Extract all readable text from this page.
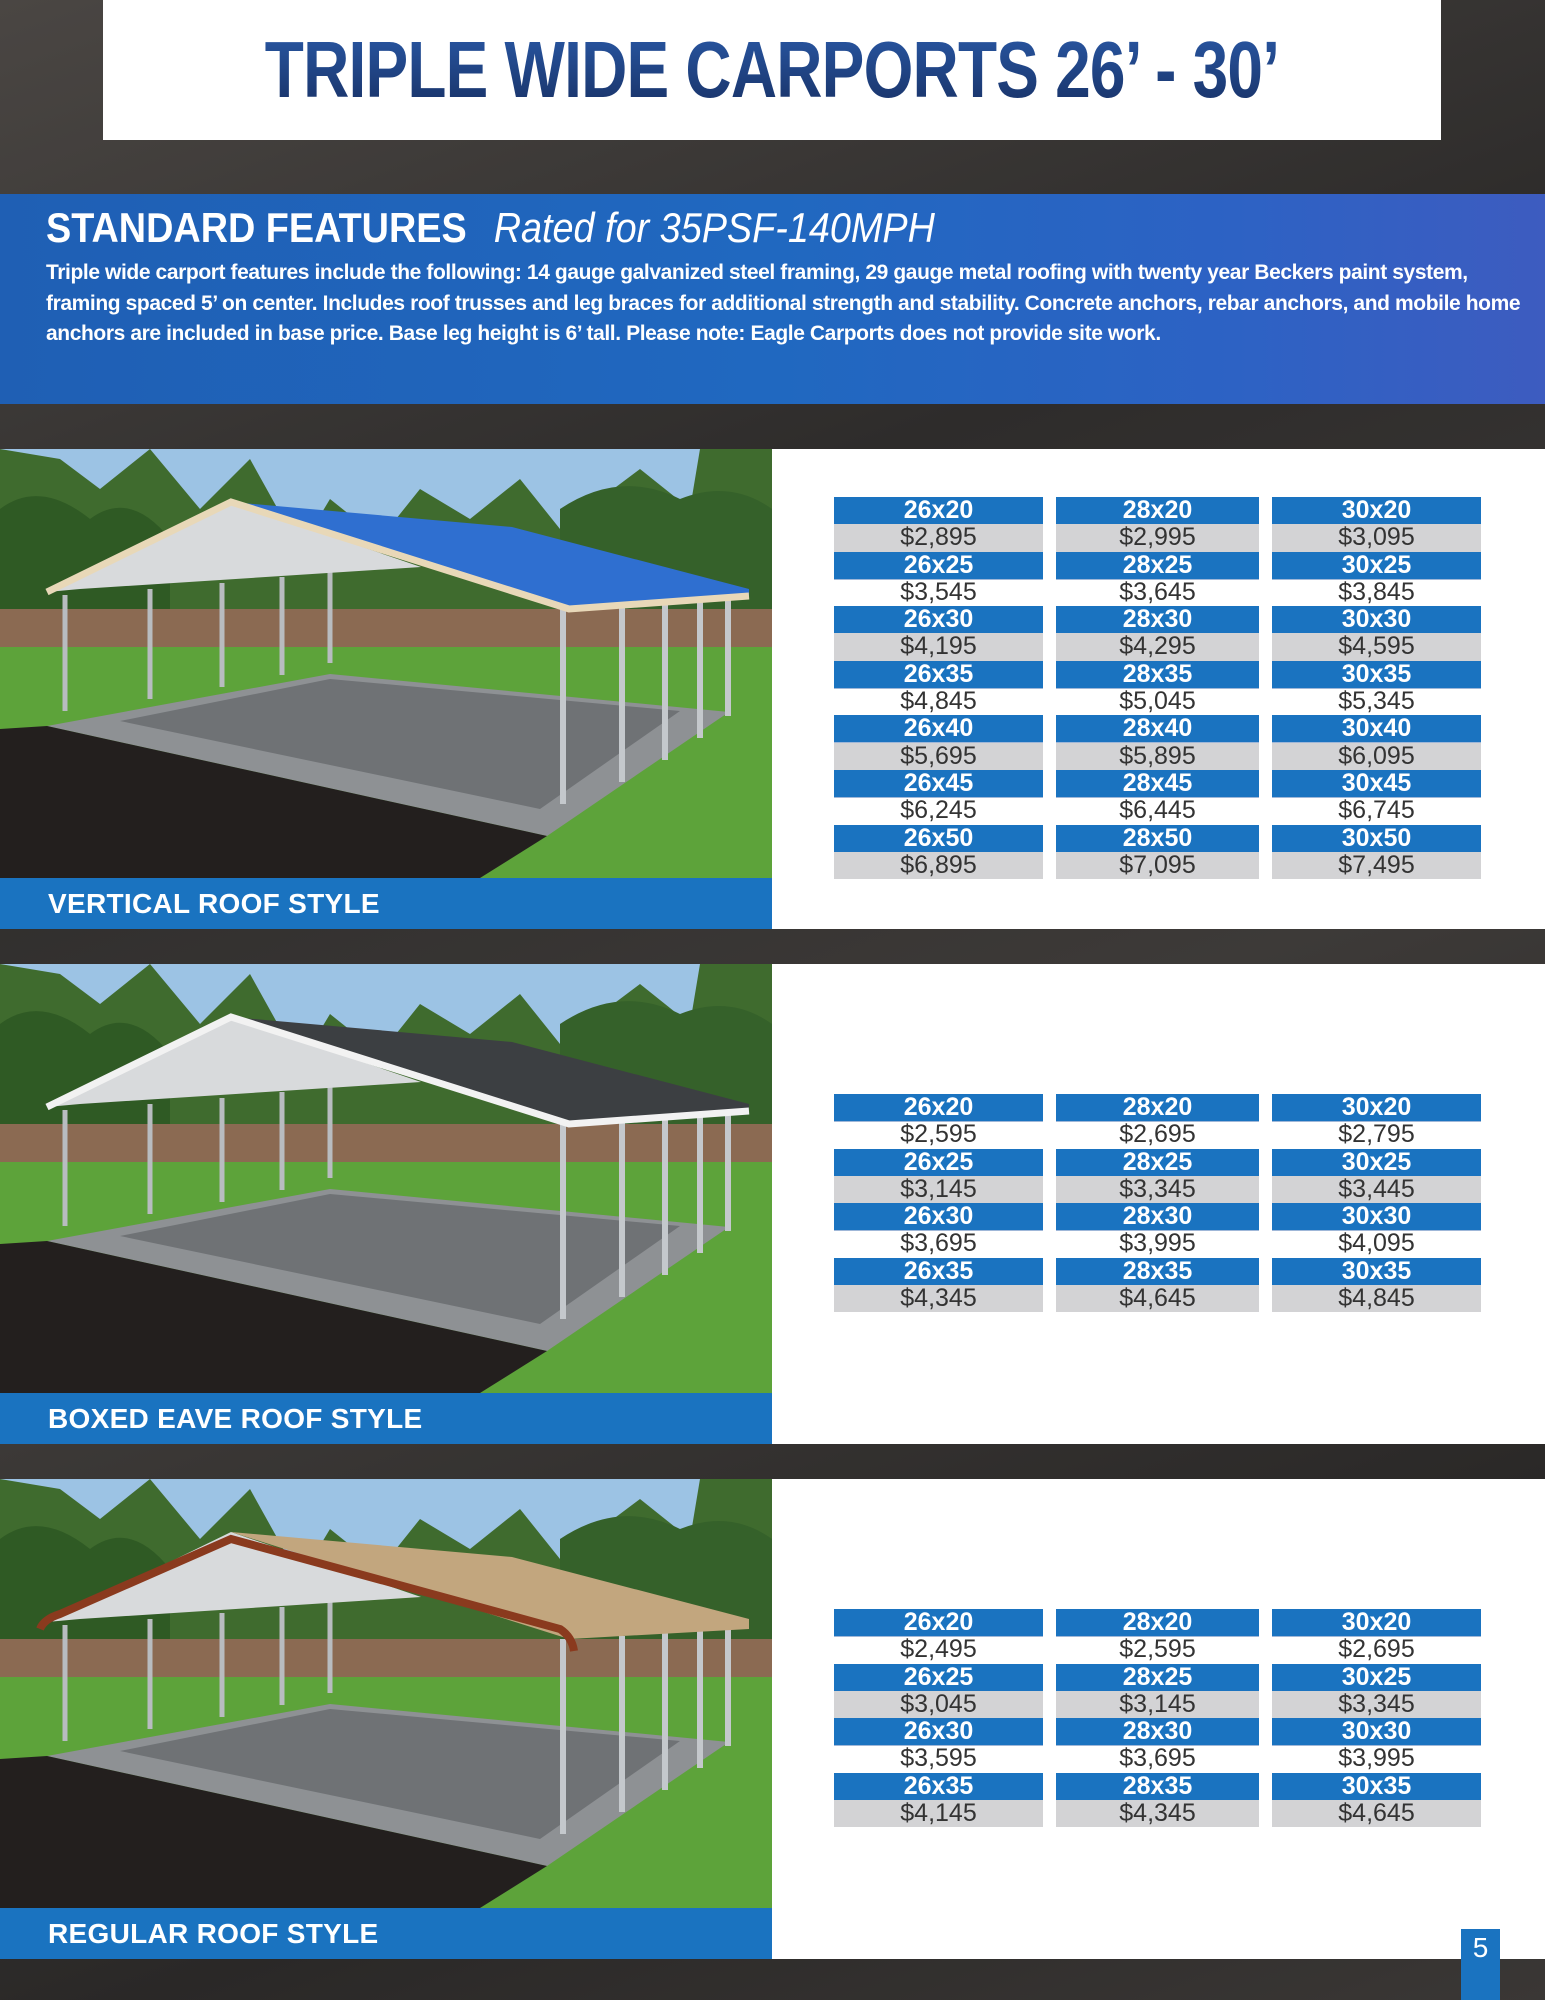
TRIPLE WIDE CARPORTS 26’ - 30’
STANDARD FEATURES Rated for 35PSF-140MPH

Triple wide carport features include the following: 14 gauge galvanized steel framing, 29 gauge metal roofing with twenty year Beckers paint system, framing spaced 5’ on center. Includes roof trusses and leg braces for additional strength and stability. Concrete anchors, rebar anchors, and mobile home anchors are included in base price. Base leg height is 6’ tall. Please note: Eagle Carports does not provide site work.

VERTICAL ROOF STYLE
26x20	28x20	30x20
$2,895	$2,995	$3,095
26x25	28x25	30x25
$3,545	$3,645	$3,845
26x30	28x30	30x30
$4,195	$4,295	$4,595
26x35	28x35	30x35
$4,845	$5,045	$5,345
26x40	28x40	30x40
$5,695	$5,895	$6,095
26x45	28x45	30x45
$6,245	$6,445	$6,745
26x50	28x50	30x50
$6,895	$7,095	$7,495
BOXED EAVE ROOF STYLE
26x20	28x20	30x20
$2,595	$2,695	$2,795
26x25	28x25	30x25
$3,145	$3,345	$3,445
26x30	28x30	30x30
$3,695	$3,995	$4,095
26x35	28x35	30x35
$4,345	$4,645	$4,845
REGULAR ROOF STYLE
26x20	28x20	30x20
$2,495	$2,595	$2,695
26x25	28x25	30x25
$3,045	$3,145	$3,345
26x30	28x30	30x30
$3,595	$3,695	$3,995
26x35	28x35	30x35
$4,145	$4,345	$4,645
5
